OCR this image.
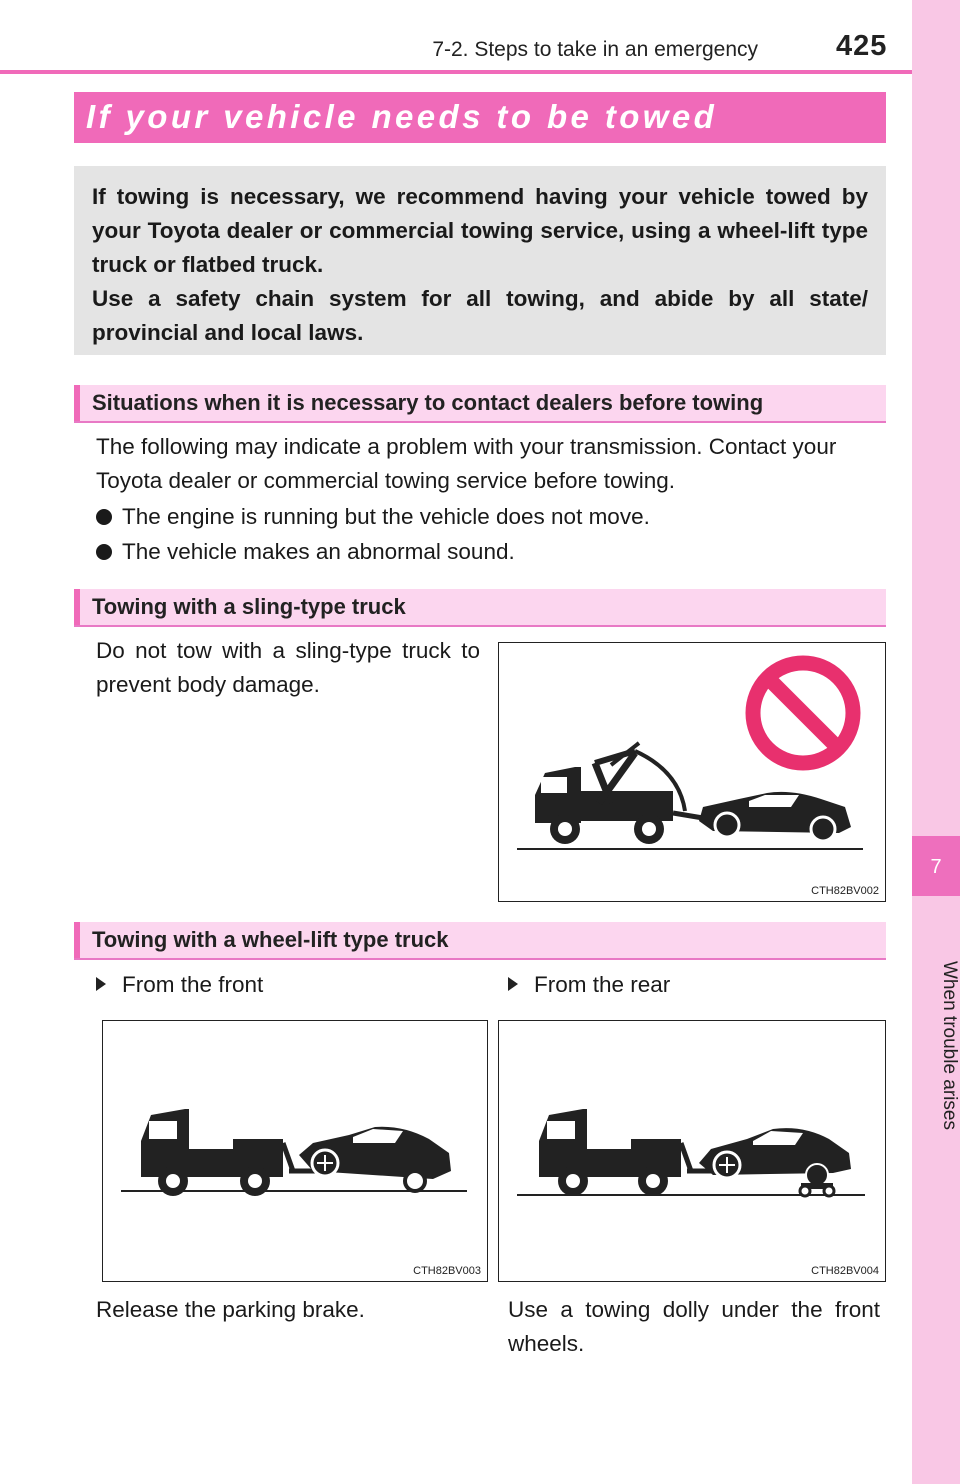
7-2. Steps to take in an emergency	425
7
When trouble arises
If your vehicle needs to be towed

If towing is necessary, we recommend having your vehicle towed by your Toyota dealer or commercial towing service, using a wheel-lift type truck or flatbed truck.

Use a safety chain system for all towing, and abide by all state/ provincial and local laws.

Situations when it is necessary to contact dealers before towing
The following may indicate a problem with your transmission. Contact your Toyota dealer or commercial towing service before towing.
The engine is running but the vehicle does not move.
The vehicle makes an abnormal sound.
Towing with a sling-type truck
Do not tow with a sling-type truck to prevent body damage.
CTH82BV002
Towing with a wheel-lift type truck
From the front	From the rear
CTH82BV003	CTH82BV004
Release the parking brake.	Use a towing dolly under the front wheels.
